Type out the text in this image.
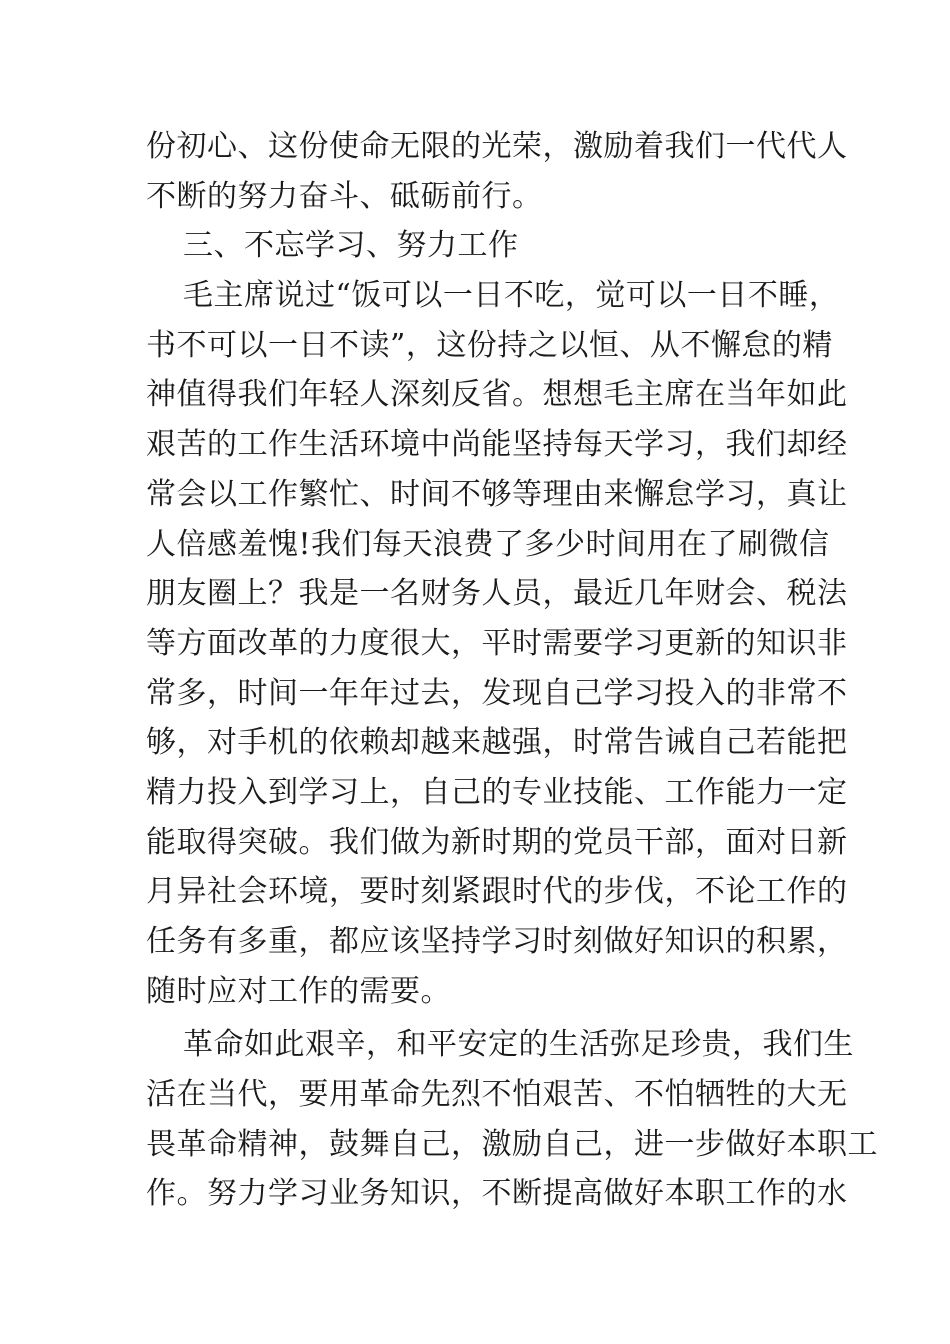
份初心、这份使命无限的光荣，激励着我们一代代人
不断的努力奋斗、砥砺前行。
三、不忘学习、努力工作
毛主席说过“饭可以一日不吃，觉可以一日不睡，
书不可以一日不读”，这份持之以恒、从不懈怠的精
神值得我们年轻人深刻反省。想想毛主席在当年如此
艰苦的工作生活环境中尚能坚持每天学习，我们却经
常会以工作繁忙、时间不够等理由来懈怠学习，真让
人倍感羞愧!我们每天浪费了多少时间用在了刷微信
朋友圈上？我是一名财务人员，最近几年财会、税法
等方面改革的力度很大，平时需要学习更新的知识非
常多，时间一年年过去，发现自己学习投入的非常不
够，对手机的依赖却越来越强，时常告诫自己若能把
精力投入到学习上，自己的专业技能、工作能力一定
能取得突破。我们做为新时期的党员干部，面对日新
月异社会环境，要时刻紧跟时代的步伐，不论工作的
任务有多重，都应该坚持学习时刻做好知识的积累，
随时应对工作的需要。
革命如此艰辛，和平安定的生活弥足珍贵，我们生
活在当代，要用革命先烈不怕艰苦、不怕牺牲的大无
畏革命精神，鼓舞自己，激励自己，进一步做好本职工
作。努力学习业务知识，不断提高做好本职工作的水
